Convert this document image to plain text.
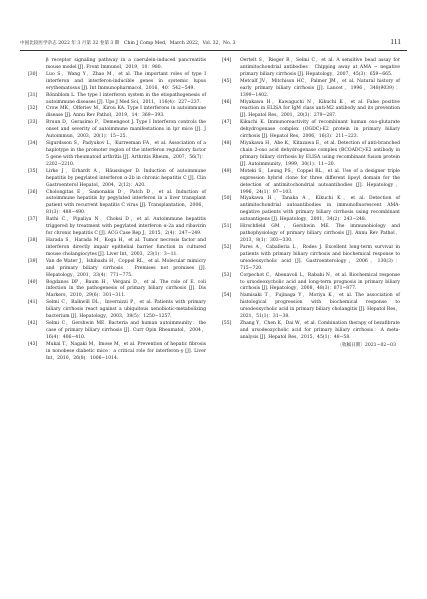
中国比较医学杂志 2022 年 3 月第 32 卷第 3 期　Chin J Comp Med，March 2022，Vol. 32，No. 3	111
β receptor signaling pathway in a caerulein-induced pancreatitis mouse model [J]. Front Immunol，2019，10：980.
[30] Luo S，Wang Y，Zhao M，et al. The important roles of type I interferon and interferon-inducible genes in systemic lupus erythematosus [J]. Int Immunopharmacol，2016，40：542−549.
[31] Rönnblom L. The type I interferon system in the etiopathogenesis of autoimmune diseases [J]. Ups J Med Sci，2011，116(4)：227−237.
[32] Crow MK，Olferiev M，Kirou KA. Type I interferons in autoimmune disease [J]. Annu Rev Pathol，2019，14：369−393.
[33] Bruun D，Gerasimo P，Demengeot J. Type I Interferon controls the onset and severity of autoimmune manifestations in lpr mice [J]. J Autoimmun，2003，20(1)：15−25.
[34] Sigurdsson S，Padyukov L，Kurreeman FA，et al. Association of a haplotype in the promoter region of the interferon regulatory factor 5 gene with rheumatoid arthritis [J]. Arthritis Rheum，2007，56(7)：2202−2210.
[35] Lirke J，Erhardt A，Häussinger D. Induction of autoimmune hepatitis by pegylated interferon α-2b in chronic hepatitis C [J]. Clin Gastroenterol Hepatol，2004，2(12)：A20.
[36] Cholongitas E，Samonakis D，Patch D，et al. Induction of autoimmune hepatitis by pegylated interferon in a liver transplant patient with recurrent hepatitis C virus [J]. Transplantation，2006，81(3)：488−490.
[37] Rathi C，Pipaliya N，Choksi D，et al. Autoimmune hepatitis triggered by treatment with pegylated interferon α-2a and ribavirin for chronic hepatitis C [J]. ACG Case Rep J，2015，2(4)：247−249.
[38] Harada S，Harada M，Koga H，et al. Tumor necrosis factor and interferon directly impair epithelial barrier function in cultured mouse cholangiocytes [J]. Liver Int，2003，23(1)：3−11.
[39] Van de Water J，Ishibashi H，Coppel RL，et al. Molecular mimicry and primary biliary cirrhosis：Premises not promises [J]. Hepatology，2001，33(4)：771−775.
[40] Bogdanos DP，Baum H，Vergani D，et al. The role of E. coli infection in the pathogenesis of primary biliary cirrhosis [J]. Dis Markers，2010，29(6)：301−311.
[41] Selmi C，Balkwill DL，Invernizzi P，et al. Patients with primary biliary cirrhosis react against a ubiquitous xenobiotic-metabolizing bacterium [J]. Hepatology，2003，38(5)：1250−1257.
[42] Selmi C，Gershwin ME. Bacteria and human autoimmunity：the case of primary biliary cirrhosis [J]. Curr Opin Rheumatol，2004，16(4)：406−410.
[43] Mukai T，Nagaki M，Imose M，et al. Prevention of hepatic fibrosis in nonobese diabetic mice：a critical role for interferon-γ [J]. Liver Int，2010，26(8)：1006−1014.
[44] Oertelt S，Rieger R，Selmi C，et al. A sensitive bead assay for antimitochondrial antibodies：Chipping away at AMA − negative primary biliary cirrhosis [J]. Hepatology，2007，45(3)：659−665.
[45] Metcalf JV，Mitchison HC，Palmer JM，et al. Natural history of early primary biliary cirrhosis [J]. Lancet，1996，348(9039)：1399−1402.
[46] Miyakawa H，Kawaguchi N，Kikuchi K，et al. False positive reaction in ELISA for IgM class anti-M2 antibody and its prevention [J]. Hepatol Res，2001，20(3)：279−287.
[47] Kikuchi K. Immunoreactivity of recombinant human oxo-glutarate dehydrogenase complex (OGDC)-E2 protein in primary biliary cirrhosis [J]. Hepatol Res，2006，16(3)：211−223.
[48] Miyakawa H，Abe K，Kitazawa E，et al. Detection of anti-branched chain 2-oxo acid dehydrogenase complex (BCOADC)-E2 antibody in primary biliary cirrhosis by ELISA using recombinant fusion protein [J]. Autoimmunity，1999，30(1)：11−20.
[49] Moteki S，Leung PS，Coppel RL，et al. Use of a designer triple expression hybrid clone for three different lipoyl domain for the detection of antimitochondrial autoantibodies [J]. Hepatology，1996，24(1)：97−103.
[50] Miyakawa H，Tanaka A，Kikuchi K，et al. Detection of antimitochondrial autoantibodies in immunofluorescent AMA-negative patients with primary biliary cirrhosis using recombinant autoantigens [J]. Hepatology，2001，34(2)：243−248.
[51] Hirschfield GM，Gershwin ME. The immunobiology and pathophysiology of primary biliary cirrhosis [J]. Annu Rev Pathol，2013，8(1)：303−330.
[52] Pares A，Caballeria L，Rodes J. Excellent long-term survival in patients with primary biliary cirrhosis and biochemical response to ursodeoxycholic acid [J]. Gastroenterology，2006，130(3)：715−720.
[53] Corpechot C，Abenavoli L，Rabahi N，et al. Biochemical response to ursodeoxycholic acid and long-term prognosis in primary biliary cirrhosis [J]. Hepatology，2008，48(3)：871−877.
[54] Namisaki T，Fujinaga Y，Moriya K，et al. The association of histological progression with biochemical response to ursodeoxycholic acid in primary biliary cholangitis [J]. Hepatol Res，2021，51(1)：31−38.
[55] Zhang Y，Chen K，Dai W，et al. Combination therapy of bezafibrate and ursodeoxycholic acid for primary biliary cirrhosis：A meta-analysis [J]. Hepatol Res，2015，45(1)：48−58.
〔收稿日期〕2021−02−03
